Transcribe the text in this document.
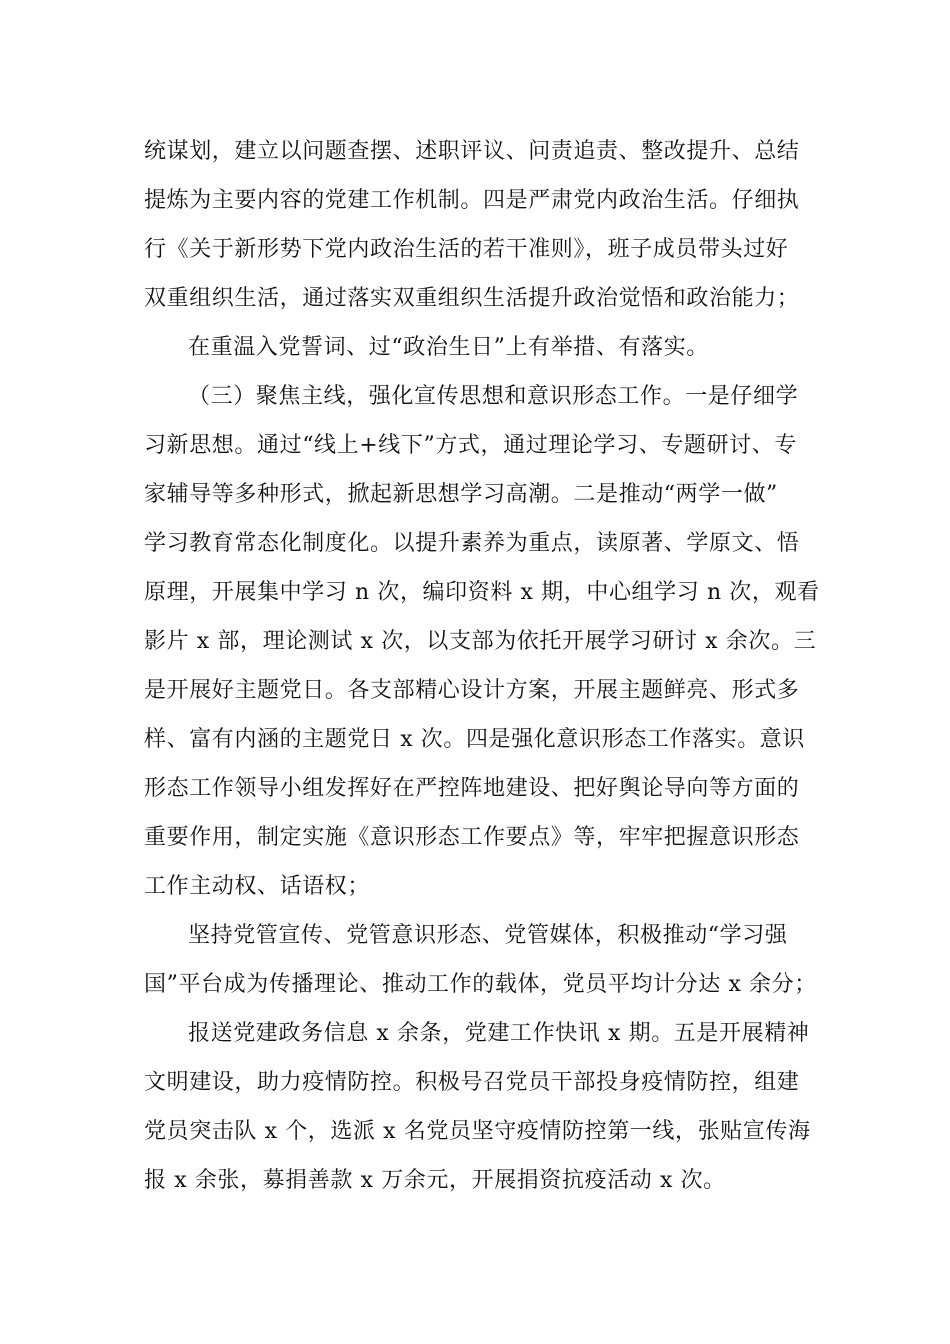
统谋划，建立以问题查摆、述职评议、问责追责、整改提升、总结
提炼为主要内容的党建工作机制。四是严肃党内政治生活。仔细执
行《关于新形势下党内政治生活的若干准则》，班子成员带头过好
双重组织生活，通过落实双重组织生活提升政治觉悟和政治能力；
在重温入党誓词、过“政治生日”上有举措、有落实。
（三）聚焦主线，强化宣传思想和意识形态工作。一是仔细学
习新思想。通过“线上+线下”方式，通过理论学习、专题研讨、专
家辅导等多种形式，掀起新思想学习高潮。二是推动“两学一做”
学习教育常态化制度化。以提升素养为重点，读原著、学原文、悟
原理，开展集中学习 n 次，编印资料 x 期，中心组学习 n 次，观看
影片 x 部，理论测试 x 次，以支部为依托开展学习研讨 x 余次。三
是开展好主题党日。各支部精心设计方案，开展主题鲜亮、形式多
样、富有内涵的主题党日 x 次。四是强化意识形态工作落实。意识
形态工作领导小组发挥好在严控阵地建设、把好舆论导向等方面的
重要作用，制定实施《意识形态工作要点》等，牢牢把握意识形态
工作主动权、话语权；
坚持党管宣传、党管意识形态、党管媒体，积极推动“学习强
国”平台成为传播理论、推动工作的载体，党员平均计分达 x 余分；
报送党建政务信息 x 余条，党建工作快讯 x 期。五是开展精神
文明建设，助力疫情防控。积极号召党员干部投身疫情防控，组建
党员突击队 x 个，选派 x 名党员坚守疫情防控第一线，张贴宣传海
报 x 余张，募捐善款 x 万余元，开展捐资抗疫活动 x 次。
